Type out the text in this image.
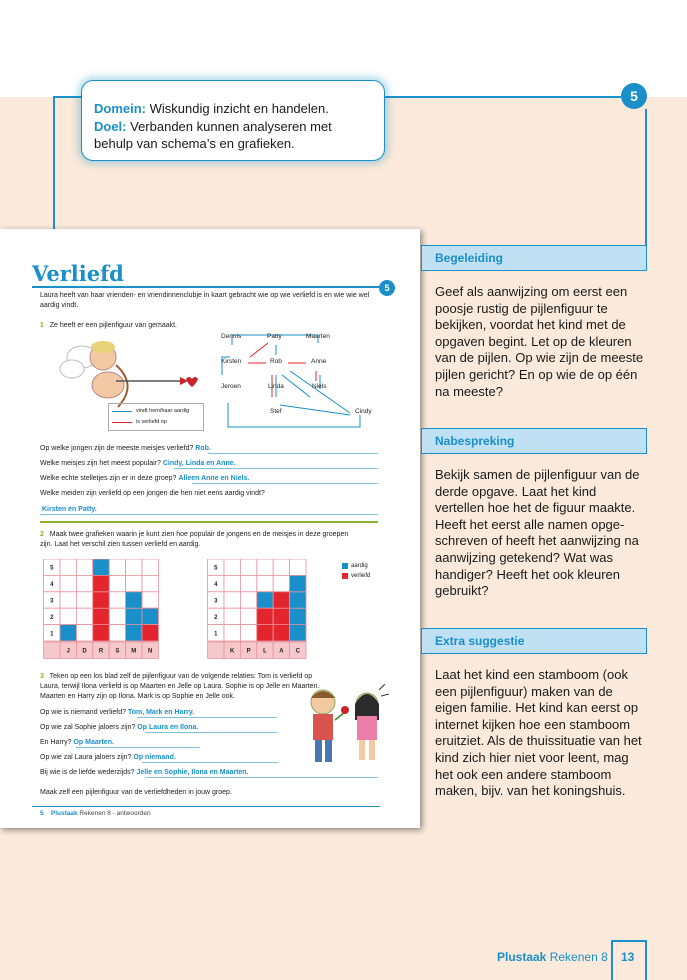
Domein: Wiskundig inzicht en handelen.
Doel: Verbanden kunnen analyseren met behulp van schema’s en grafieken.
5
Verliefd
5
Laura heeft van haar vrienden- en vriendinnenclubje in kaart gebracht wie op wie verliefd is en wie wie wel aardig vindt.
1 Ze heeft er een pijlenfiguur van gemaakt.
vindt hem/haar aardig
is verliefd op
Dennis	Patty	Maarten
Kirsten	Rob	Anne
Jeroen	Linda	Niels
Stef	Cindy
Op welke jongen zijn de meeste meisjes verliefd? Rob.
Welke meisjes zijn het meest populair? Cindy, Linda en Anne.
Welke echte stelletjes zijn er in deze groep? Alleen Anne en Niels.
Welke meiden zijn verliefd op een jongen die hen niet eens aardig vindt?
Kirsten en Patty.
2 Maak twee grafieken waarin je kunt zien hoe populair de jongens en de meisjes in deze groepen zijn. Laat het verschil zien tussen verliefd en aardig.
1
2
3
4
5
J D R S M N
1
2
3
4
5
K P L A C
aardig
verliefd
3 Teken op een los blad zelf de pijlenfiguur van de volgende relaties: Tom is verliefd op Laura, terwijl Ilona verliefd is op Maarten en Jelle op Laura. Sophie is op Jelle en Maarten. Maarten en Harry zijn op Ilona. Mark is op Sophie en Jelle ook.
Op wie is niemand verliefd? Tom, Mark en Harry.
Op wie zal Sophie jaloers zijn? Op Laura en Ilona.
En Harry? Op Maarten.
Op wie zal Laura jaloers zijn? Op niemand.
Bij wie is de liefde wederzijds? Jelle en Sophie, Ilona en Maarten.
Maak zelf een pijlenfiguur van de verliefdheden in jouw groep.
5 Plustaak Rekenen 8 - antwoorden
Begeleiding
Geef als aanwijzing om eerst een poosje rustig de pijlenfiguur te bekijken, voordat het kind met de opgaven begint. Let op de kleuren van de pijlen. Op wie zijn de meeste pijlen gericht? En op wie de op één na meeste?
Nabespreking
Bekijk samen de pijlenfiguur van de derde opgave. Laat het kind vertellen hoe het de figuur maakte. Heeft het eerst alle namen opge- schreven of heeft het aanwijzing na aanwijzing getekend? Wat was handiger? Heeft het ook kleuren gebruikt?
Extra suggestie
Laat het kind een stamboom (ook een pijlenfiguur) maken van de eigen familie. Het kind kan eerst op internet kijken hoe een stamboom eruitziet. Als de thuissituatie van het kind zich hier niet voor leent, mag het ook een andere stamboom maken, bijv. van het koningshuis.
Plustaak Rekenen 8 13
